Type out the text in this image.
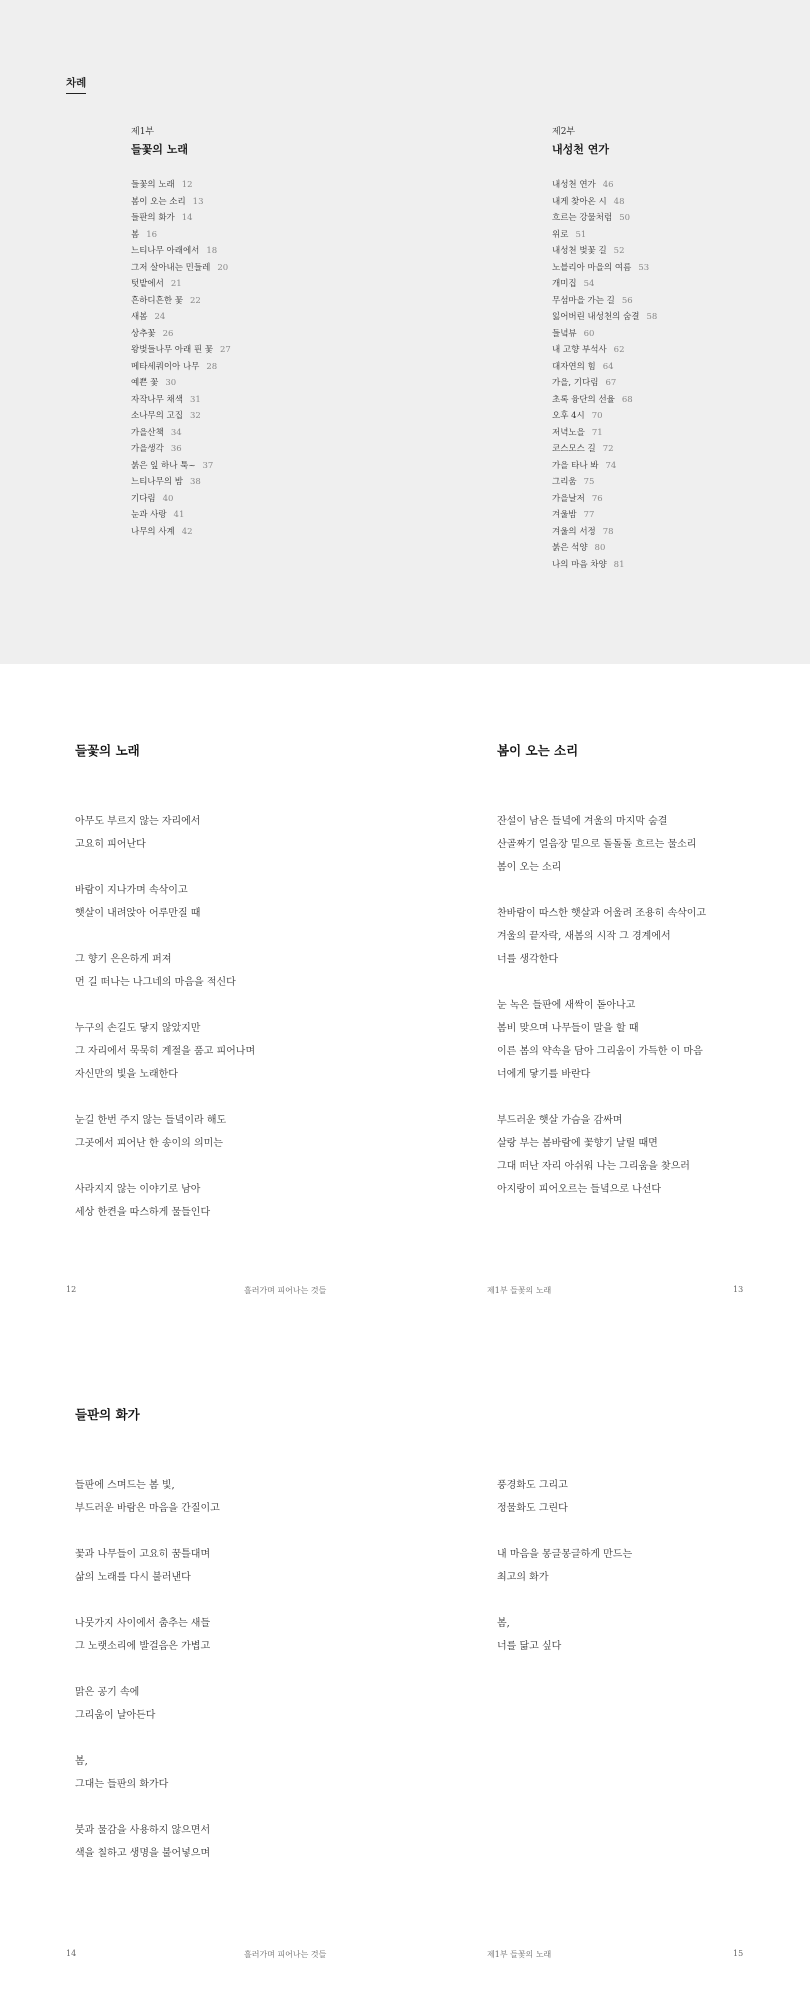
차례
제1부
들꽃의 노래
들꽃의 노래 12
봄이 오는 소리 13
들판의 화가 14
봄 16
느티나무 아래에서 18
그저 살아내는 민들레 20
텃밭에서 21
흔하디흔한 꽃 22
새봄 24
상추꽃 26
왕벚들나무 아래 핀 꽃 27
메타세쿼이아 나무 28
예쁜 꽃 30
자작나무 채색 31
소나무의 고집 32
가을산책 34
가을생각 36
붉은 잎 하나 툭~ 37
느티나무의 밤 38
기다림 40
눈과 사랑 41
나무의 사계 42
제2부
내성천 연가
내성천 연가 46
내게 찾아온 시 48
흐르는 강물처럼 50
위로 51
내성천 벚꽃 길 52
노블리아 마을의 여름 53
개미집 54
무섬마을 가는 길 56
잃어버린 내성천의 숨결 58
들녘뷰 60
내 고향 부석사 62
대자연의 힘 64
가을, 기다림 67
초록 융단의 선율 68
오후 4시 70
저녁노을 71
코스모스 길 72
가을 타나 봐 74
그리움 75
가을날저 76
겨울밤 77
겨울의 서정 78
붉은 석양 80
나의 마음 차양 81
들꽃의 노래
아무도 부르지 않는 자리에서
고요히 피어난다
바람이 지나가며 속삭이고
햇살이 내려앉아 어루만질 때
그 향기 은은하게 퍼져
먼 길 떠나는 나그네의 마음을 적신다
누구의 손길도 닿지 않았지만
그 자리에서 묵묵히 계절을 품고 피어나며
자신만의 빛을 노래한다
눈길 한번 주지 않는 들녘이라 해도
그곳에서 피어난 한 송이의 의미는
사라지지 않는 이야기로 남아
세상 한켠을 따스하게 물들인다
12	흘러가며 피어나는 것들
봄이 오는 소리
잔설이 남은 들녘에 겨울의 마지막 숨결
산골짜기 얼음장 밑으로 돌돌돌 흐르는 물소리
봄이 오는 소리
찬바람이 따스한 햇살과 어울려 조용히 속삭이고
겨울의 끝자락, 새봄의 시작 그 경계에서
너를 생각한다
눈 녹은 들판에 새싹이 돋아나고
봄비 맞으며 나무들이 말을 할 때
이른 봄의 약속을 담아 그리움이 가득한 이 마음
너에게 닿기를 바란다
부드러운 햇살 가슴을 감싸며
살랑 부는 봄바람에 꽃향기 날릴 때면
그대 떠난 자리 아쉬워 나는 그리움을 찾으러
아지랑이 피어오르는 들녘으로 나선다
제1부 들꽃의 노래	13
들판의 화가
들판에 스며드는 봄 빛,
부드러운 바람은 마음을 간질이고
꽃과 나무들이 고요히 꿈틀대며
삶의 노래를 다시 불러낸다
나뭇가지 사이에서 춤추는 새들
그 노랫소리에 발걸음은 가볍고
맑은 공기 속에
그리움이 날아든다
봄,
그대는 들판의 화가다
붓과 물감을 사용하지 않으면서
색을 칠하고 생명을 불어넣으며
14	흘러가며 피어나는 것들
풍경화도 그리고
정물화도 그린다
내 마음을 몽글몽글하게 만드는
최고의 화가
봄,
너를 닮고 싶다
제1부 들꽃의 노래	15
